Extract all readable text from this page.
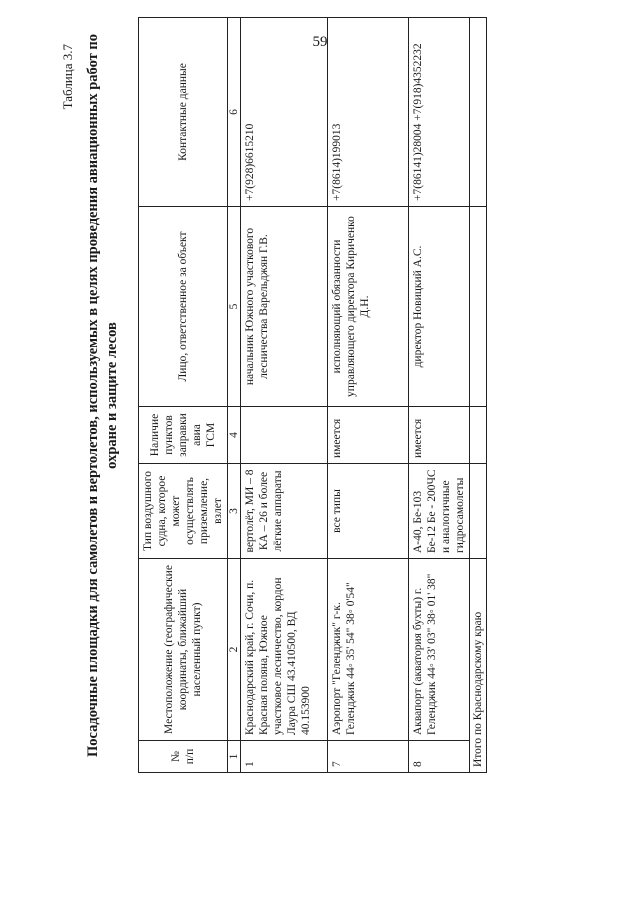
59
Таблица 3.7 Посадочные площадки для самолетов и вертолетов, используемых в целях проведения авиационных работ по охране и защите лесов
№ п/п	Местоположение (географические координаты, ближайший населенный пункт)	Тип воздушного судна, которое может осуществлять приземление, взлет	Наличие пунктов заправки авиа ГСМ	Лицо, ответственное за объект	Контактные данные
1	2	3	4	5	6
1	Краснодарский край, г. Сочи, п. Красная поляна, Южное участковое лесничество, кордон Лаура СШ 43.410500, ВД 40.153900	вертолёт, МИ – 8 КА – 26 и более лёгкие аппараты		начальник Южного участкового лесничества Варельджян Г.В.	+7(928)6615210
7	Аэропорт "Геленджик" г-к. Геленджик 44◦ 35' 54" 38◦ 0'54"	все типы	имеется	исполняющий обязанности управляющего директора Кириченко Д.Н.	+7(8614)199013
8	Аквапорт (акватория бухты) г. Геленджик 44◦ 33' 03" 38◦ 01' 38"	А-40, Бе-103 Бе-12 Бе - 200ЧС и аналогичные гидросамолеты	имеется	директор Новицкий А.С.	+7(86141)28004 +7(918)4352232
Итого по Краснодарскому краю					
